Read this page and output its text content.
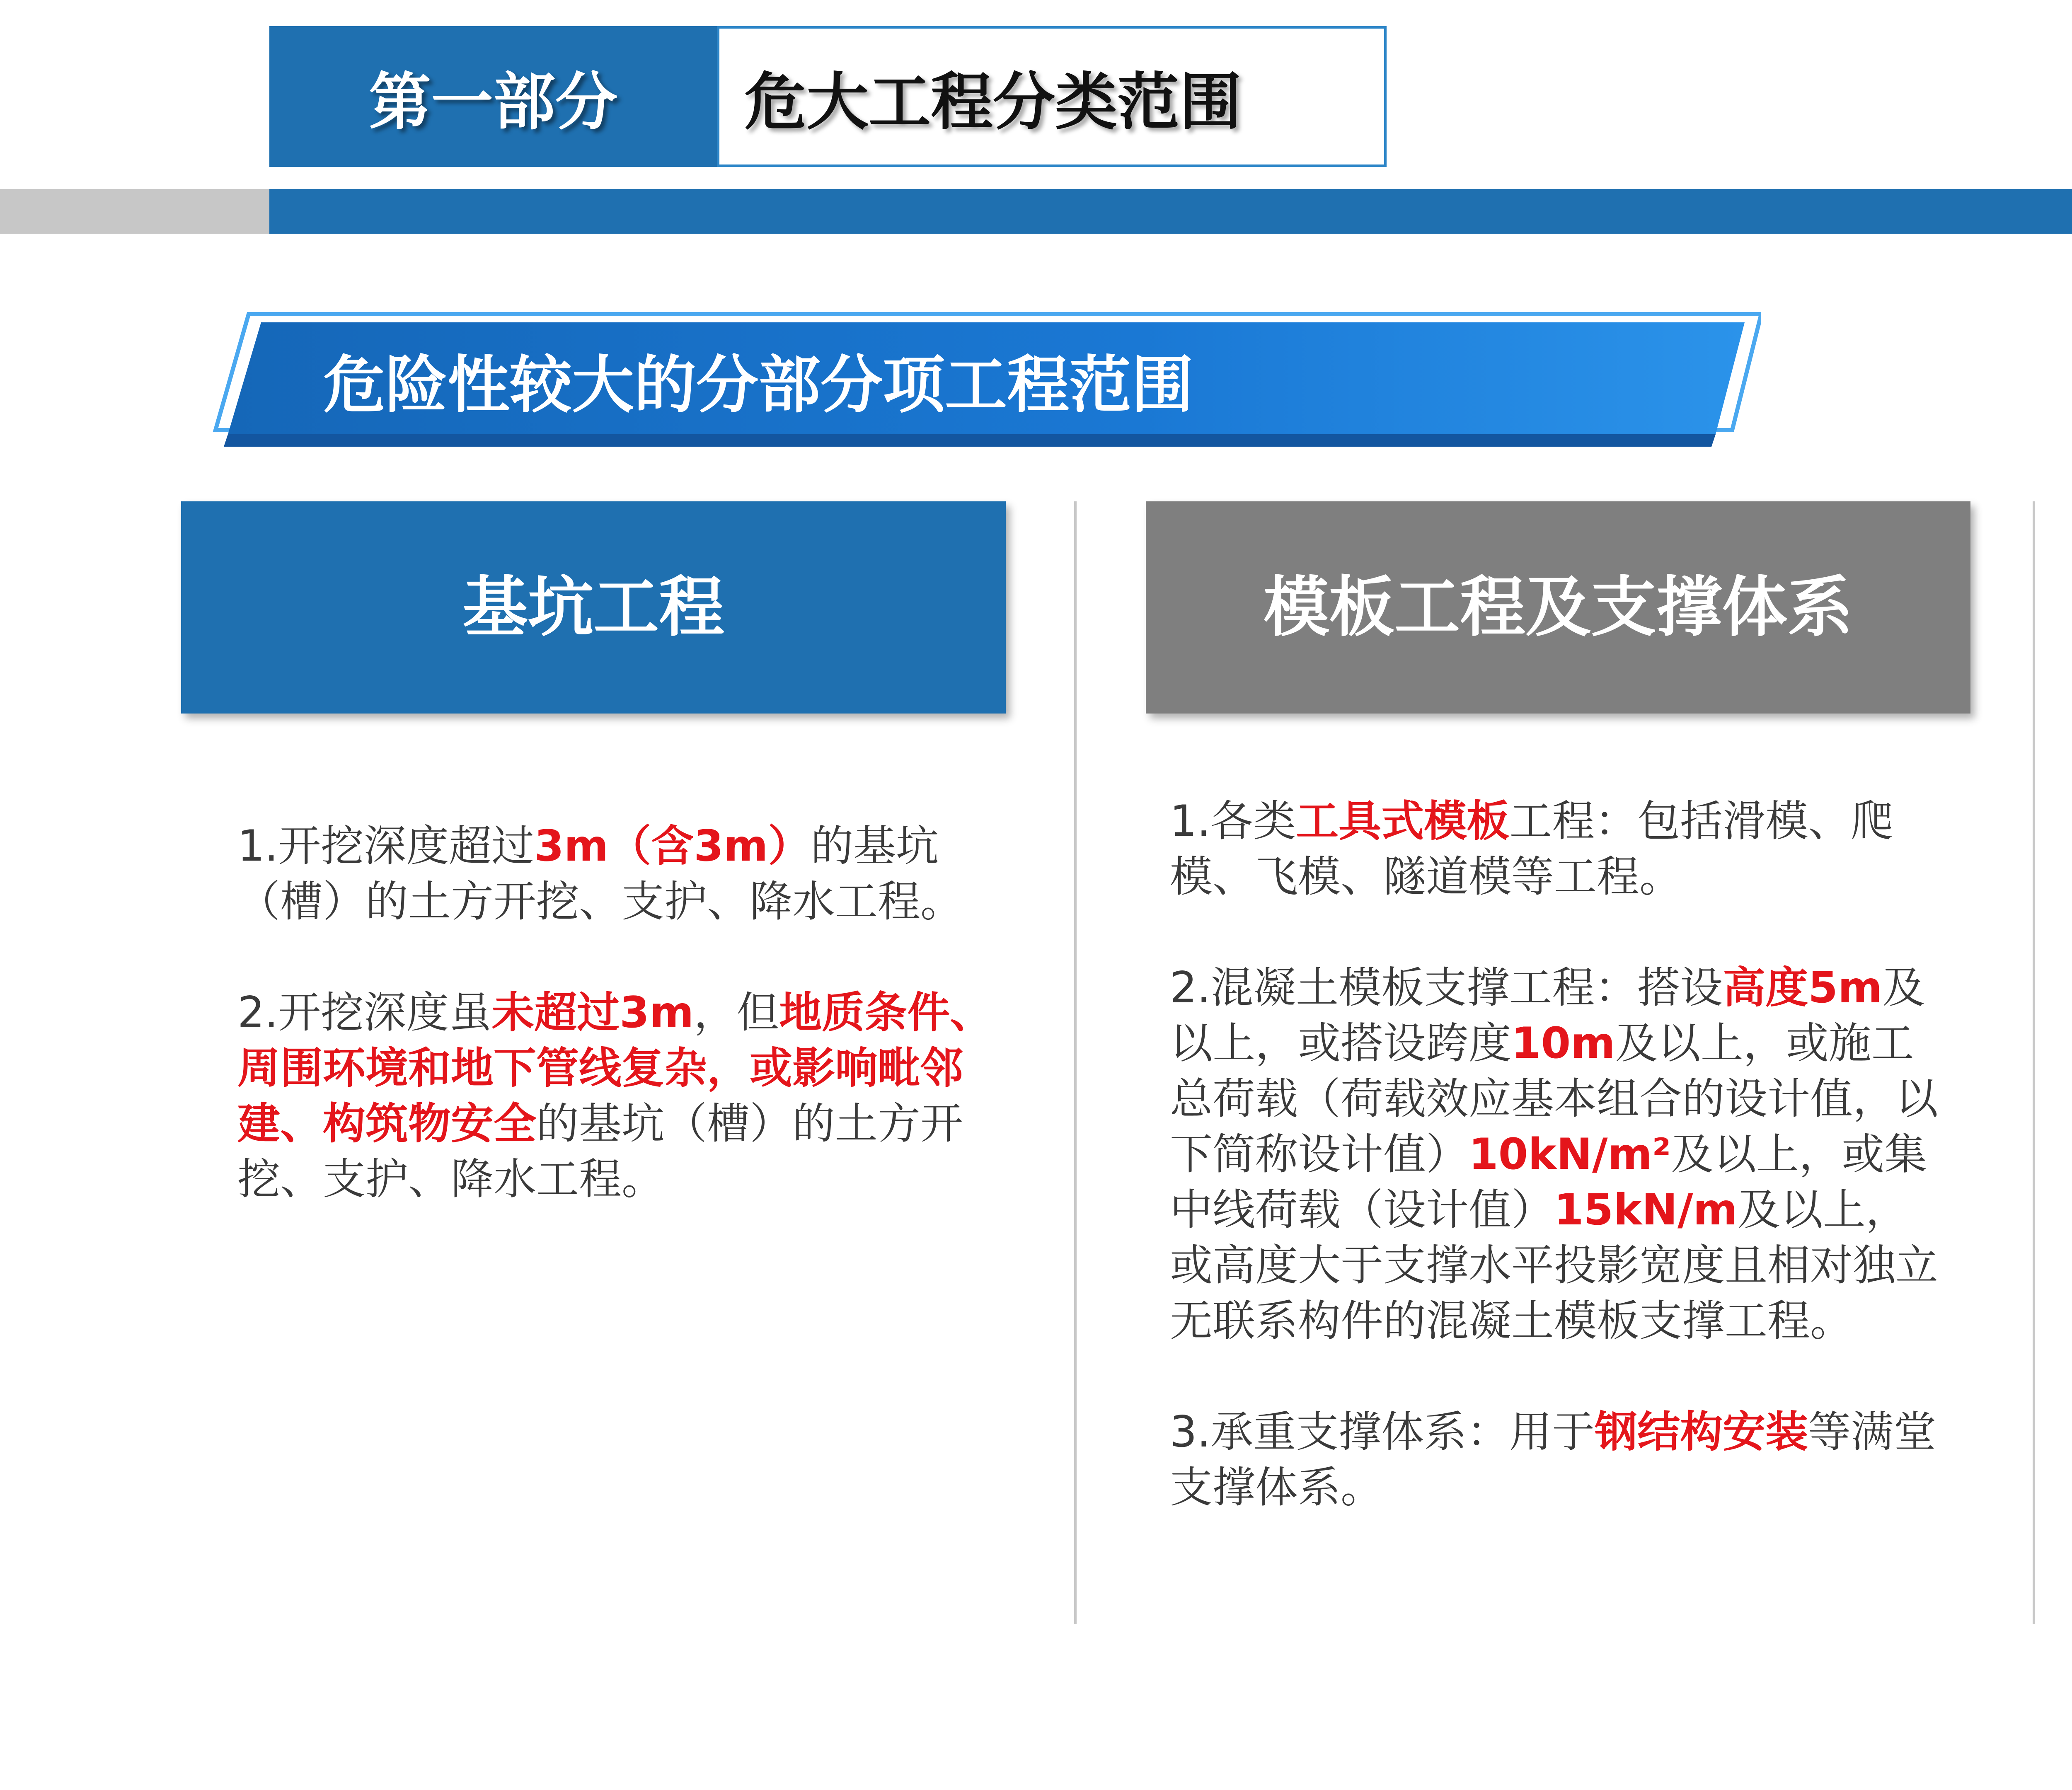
第一部分	危大工程分类范围
危险性较大的分部分项工程范围
基坑工程	模板工程及支撑体系

1.开挖深度超过3m（含3m）的基坑（槽）的土方开挖、支护、降水工程。

2.开挖深度虽未超过3m，但地质条件、周围环境和地下管线复杂，或影响毗邻建、构筑物安全的基坑（槽）的土方开挖、支护、降水工程。

1.各类工具式模板工程：包括滑模、爬模、飞模、隧道模等工程。

2.混凝土模板支撑工程：搭设高度5m及以上，或搭设跨度10m及以上，或施工总荷载（荷载效应基本组合的设计值，以下简称设计值）10kN/m²及以上，或集中线荷载（设计值）15kN/m及以上，或高度大于支撑水平投影宽度且相对独立无联系构件的混凝土模板支撑工程。

3.承重支撑体系：用于钢结构安装等满堂支撑体系。
